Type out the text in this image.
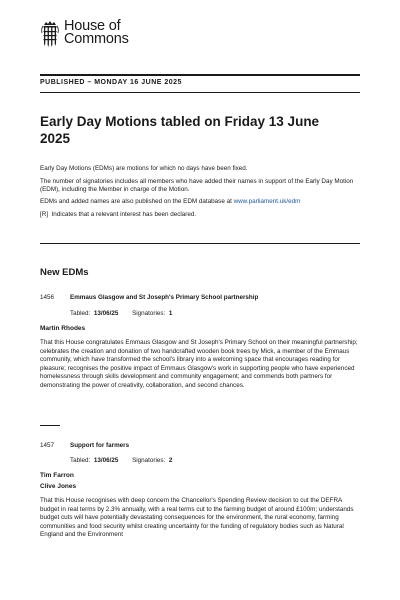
House of
Commons
PUBLISHED – MONDAY 16 JUNE 2025
Early Day Motions tabled on Friday 13 June 2025

Early Day Motions (EDMs) are motions for which no days have been fixed.

The number of signatories includes all members who have added their names in support of the Early Day Motion (EDM), including the Member in charge of the Motion.

EDMs and added names are also published on the EDM database at www.parliament.uk/edm

[R] Indicates that a relevant interest has been declared.

New EDMs
1456	Emmaus Glasgow and St Joseph's Primary School partnership
Tabled: 13/06/25 Signatories: 1
Martin Rhodes

That this House congratulates Emmaus Glasgow and St Joseph's Primary School on their meaningful partnership; celebrates the creation and donation of two handcrafted wooden book trees by Mick, a member of the Emmaus community, which have transformed the school's library into a welcoming space that encourages reading for pleasure; recognises the positive impact of Emmaus Glasgow's work in supporting people who have experienced homelessness through skills development and community engagement; and commends both partners for demonstrating the power of creativity, collaboration, and second chances.

1457	Support for farmers
Tabled: 13/06/25 Signatories: 2
Tim Farron
Clive Jones

That this House recognises with deep concern the Chancellor's Spending Review decision to cut the DEFRA budget in real terms by 2.3% annually, with a real terms cut to the farming budget of around £100m; understands budget cuts will have potentially devastating consequences for the environment, the rural economy, farming communities and food security whilst creating uncertainty for the funding of regulatory bodies such as Natural England and the Environment
